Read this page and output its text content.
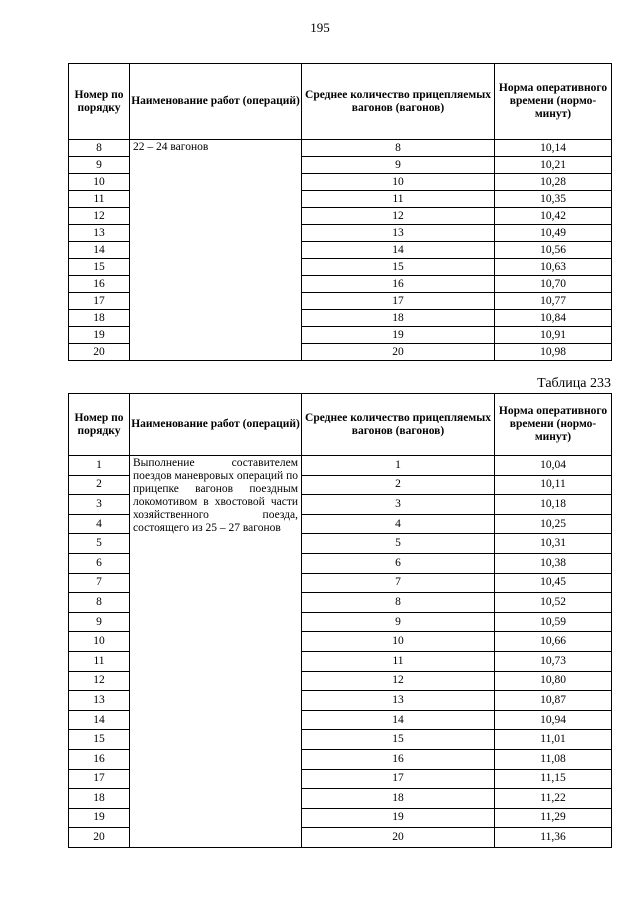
195
Номер по порядку	Наименование работ (операций)	Среднее количество прицепляемых вагонов (вагонов)	Норма оперативного времени (нормо-минут)
8	22 – 24 вагонов	8	10,14
9		9	10,21
10		10	10,28
11		11	10,35
12		12	10,42
13		13	10,49
14		14	10,56
15		15	10,63
16		16	10,70
17		17	10,77
18		18	10,84
19		19	10,91
20		20	10,98
Таблица 233
Номер по порядку	Наименование работ (операций)	Среднее количество прицепляемых вагонов (вагонов)	Норма оперативного времени (нормо-минут)
1	Выполнение составителем поездов маневровых операций по прицепке вагонов поездным локомотивом в хвостовой части хозяйственного поезда, состоящего из 25 – 27 вагонов	1	10,04
2		2	10,11
3		3	10,18
4		4	10,25
5		5	10,31
6		6	10,38
7		7	10,45
8		8	10,52
9		9	10,59
10		10	10,66
11		11	10,73
12		12	10,80
13		13	10,87
14		14	10,94
15		15	11,01
16		16	11,08
17		17	11,15
18		18	11,22
19		19	11,29
20		20	11,36
